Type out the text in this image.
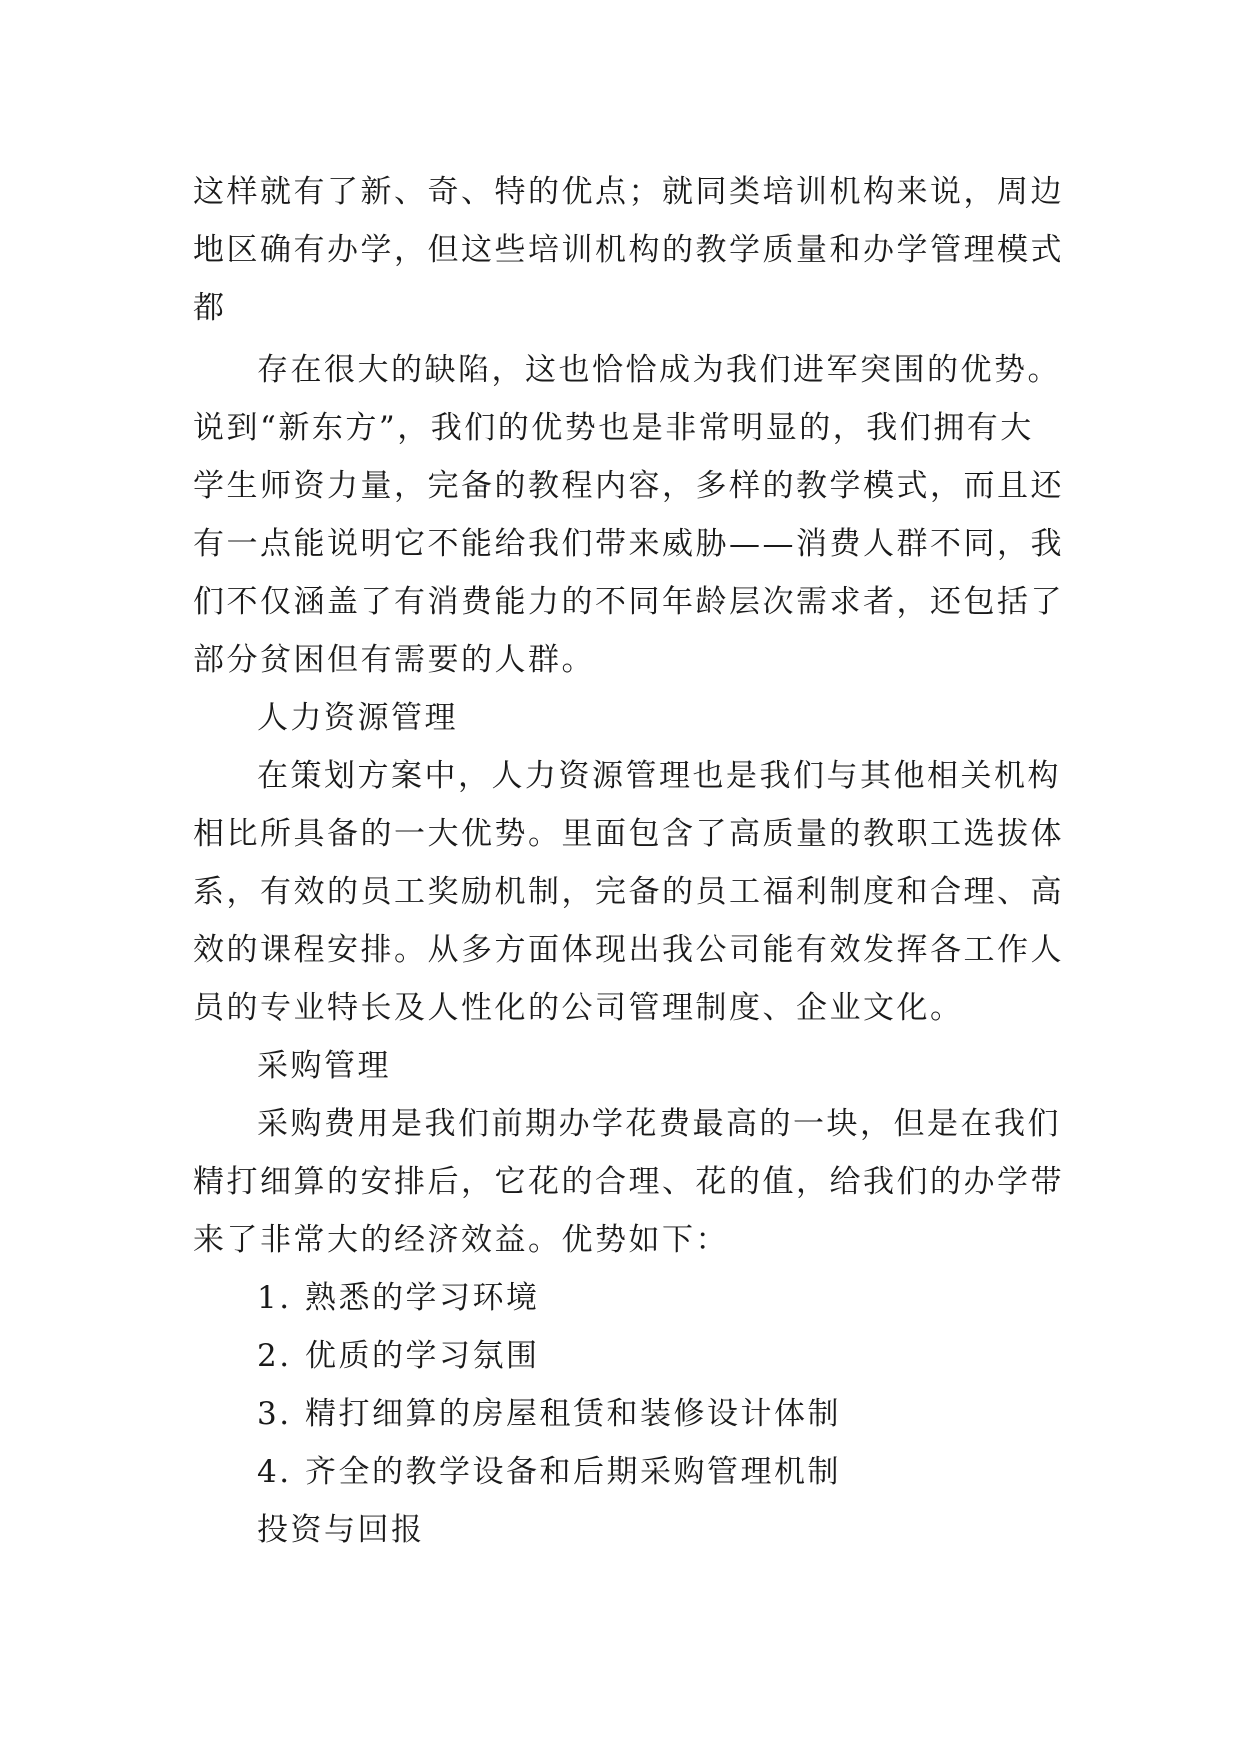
这样就有了新、奇、特的优点；就同类培训机构来说，周边
地区确有办学，但这些培训机构的教学质量和办学管理模式
都
存在很大的缺陷，这也恰恰成为我们进军突围的优势。
说到“新东方”，我们的优势也是非常明显的，我们拥有大
学生师资力量，完备的教程内容，多样的教学模式，而且还
有一点能说明它不能给我们带来威胁——消费人群不同，我
们不仅涵盖了有消费能力的不同年龄层次需求者，还包括了
部分贫困但有需要的人群。
人力资源管理
在策划方案中，人力资源管理也是我们与其他相关机构
相比所具备的一大优势。里面包含了高质量的教职工选拔体
系，有效的员工奖励机制，完备的员工福利制度和合理、高
效的课程安排。从多方面体现出我公司能有效发挥各工作人
员的专业特长及人性化的公司管理制度、企业文化。
采购管理
采购费用是我们前期办学花费最高的一块，但是在我们
精打细算的安排后，它花的合理、花的值，给我们的办学带
来了非常大的经济效益。优势如下：
1. 熟悉的学习环境
2. 优质的学习氛围
3. 精打细算的房屋租赁和装修设计体制
4. 齐全的教学设备和后期采购管理机制
投资与回报
